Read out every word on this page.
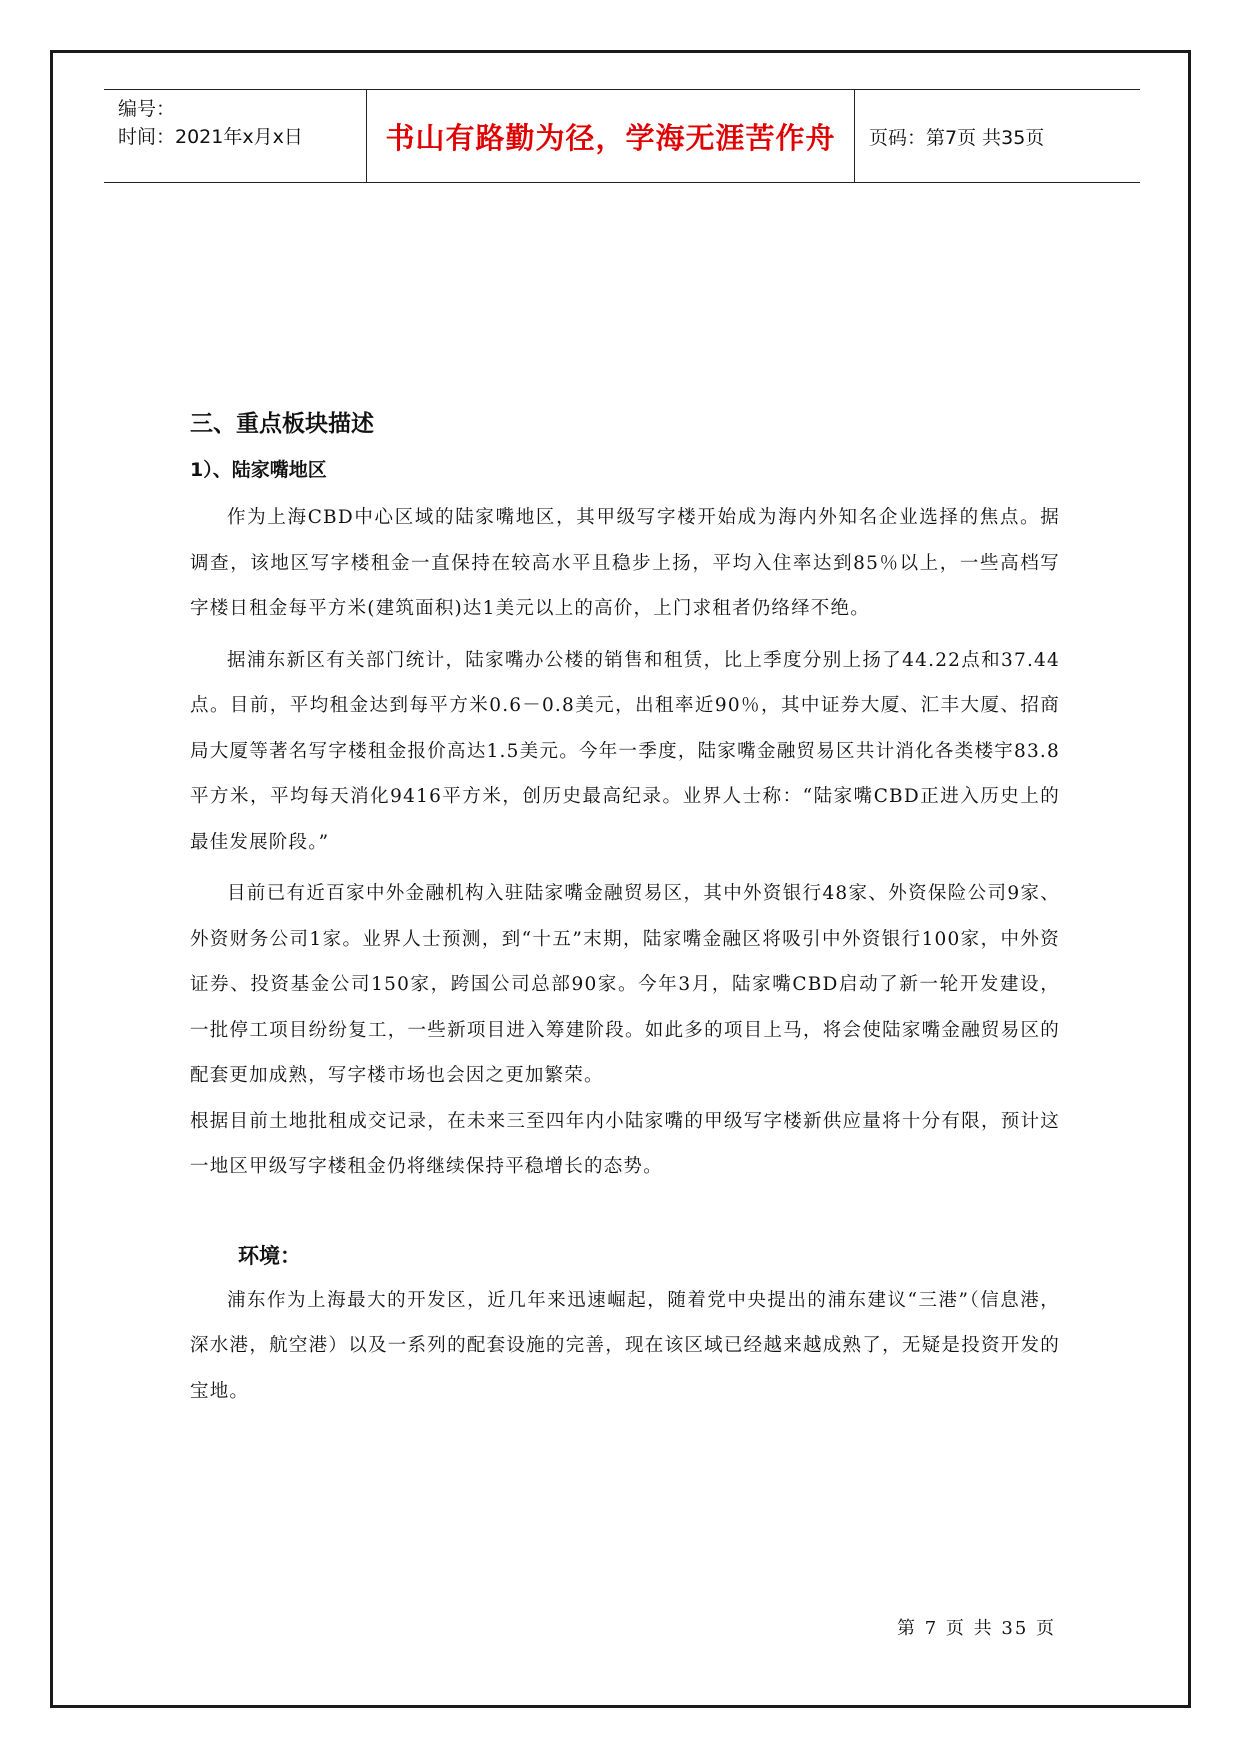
编号：
时间：2021年x月x日	书山有路勤为径，学海无涯苦作舟	页码：第7页 共35页
三、重点板块描述
1）、陆家嘴地区

作为上海CBD中心区域的陆家嘴地区，其甲级写字楼开始成为海内外知名企业选择的焦点。据调查，该地区写字楼租金一直保持在较高水平且稳步上扬，平均入住率达到85％以上，一些高档写字楼日租金每平方米(建筑面积)达1美元以上的高价，上门求租者仍络绎不绝。

据浦东新区有关部门统计，陆家嘴办公楼的销售和租赁，比上季度分别上扬了44.22点和37.44点。目前，平均租金达到每平方米0.6－0.8美元，出租率近90％，其中证券大厦、汇丰大厦、招商局大厦等著名写字楼租金报价高达1.5美元。今年一季度，陆家嘴金融贸易区共计消化各类楼宇83.8平方米，平均每天消化9416平方米，创历史最高纪录。业界人士称：“陆家嘴CBD正进入历史上的最佳发展阶段。”

目前已有近百家中外金融机构入驻陆家嘴金融贸易区，其中外资银行48家、外资保险公司9家、外资财务公司1家。业界人士预测，到“十五”末期，陆家嘴金融区将吸引中外资银行100家，中外资证券、投资基金公司150家，跨国公司总部90家。今年3月，陆家嘴CBD启动了新一轮开发建设，一批停工项目纷纷复工，一些新项目进入筹建阶段。如此多的项目上马，将会使陆家嘴金融贸易区的配套更加成熟，写字楼市场也会因之更加繁荣。

根据目前土地批租成交记录，在未来三至四年内小陆家嘴的甲级写字楼新供应量将十分有限，预计这一地区甲级写字楼租金仍将继续保持平稳增长的态势。

环境：

浦东作为上海最大的开发区，近几年来迅速崛起，随着党中央提出的浦东建议“三港”（信息港，深水港，航空港）以及一系列的配套设施的完善，现在该区域已经越来越成熟了，无疑是投资开发的宝地。

第 7 页 共 35 页
